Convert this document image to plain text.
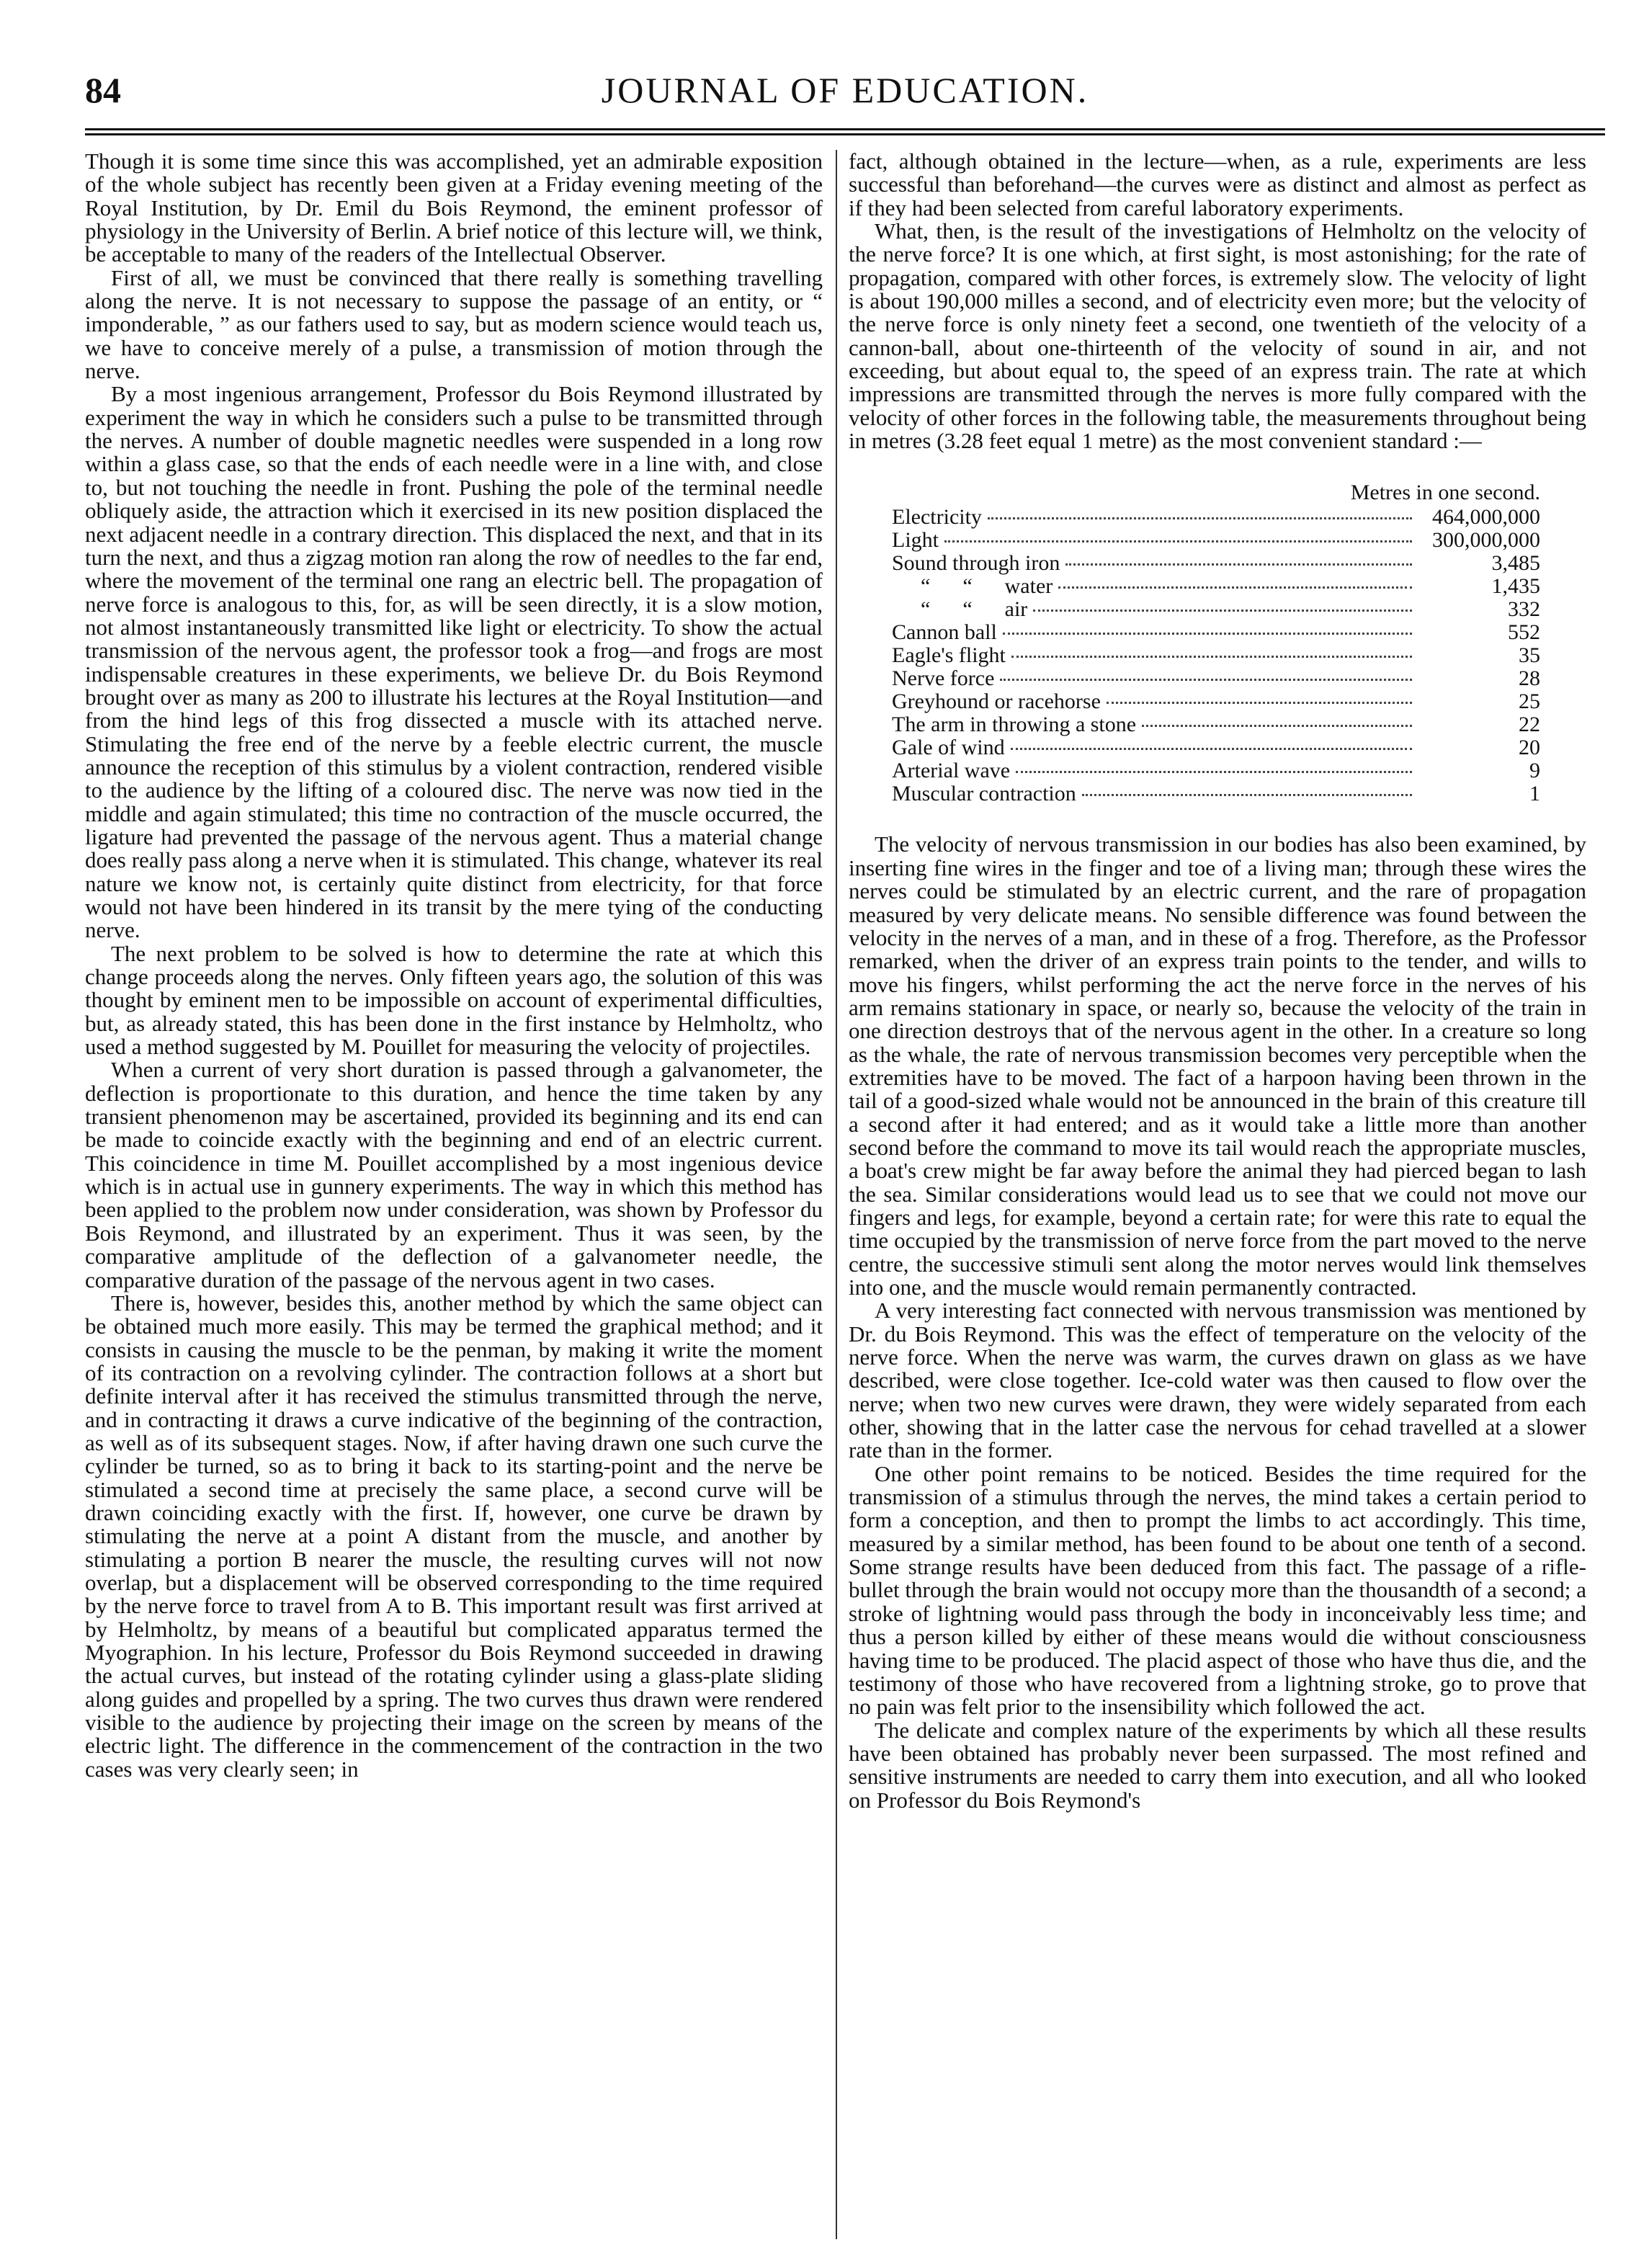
84	JOURNAL OF EDUCATION.

Though it is some time since this was accomplished, yet an admirable exposition of the whole subject has recently been given at a Friday evening meeting of the Royal Institution, by Dr. Emil du Bois Reymond, the eminent professor of physiology in the University of Berlin. A brief notice of this lecture will, we think, be acceptable to many of the readers of the Intellectual Observer.

First of all, we must be convinced that there really is something travelling along the nerve. It is not necessary to suppose the passage of an entity, or “ imponderable, ” as our fathers used to say, but as modern science would teach us, we have to conceive merely of a pulse, a transmission of motion through the nerve.

By a most ingenious arrangement, Professor du Bois Reymond illustrated by experiment the way in which he considers such a pulse to be transmitted through the nerves. A number of double magnetic needles were suspended in a long row within a glass case, so that the ends of each needle were in a line with, and close to, but not touching the needle in front. Pushing the pole of the terminal needle obliquely aside, the attraction which it exercised in its new position displaced the next adjacent needle in a contrary direction. This displaced the next, and that in its turn the next, and thus a zigzag motion ran along the row of needles to the far end, where the movement of the terminal one rang an electric bell. The propagation of nerve force is analogous to this, for, as will be seen directly, it is a slow motion, not almost instantaneously transmitted like light or electricity. To show the actual transmission of the nervous agent, the professor took a frog—and frogs are most indispensable creatures in these experiments, we believe Dr. du Bois Reymond brought over as many as 200 to illustrate his lectures at the Royal Institution—and from the hind legs of this frog dissected a muscle with its attached nerve. Stimulating the free end of the nerve by a feeble electric current, the muscle announce the reception of this stimulus by a violent contraction, rendered visible to the audience by the lifting of a coloured disc. The nerve was now tied in the middle and again stimulated; this time no contraction of the muscle occurred, the ligature had prevented the passage of the nervous agent. Thus a material change does really pass along a nerve when it is stimulated. This change, whatever its real nature we know not, is certainly quite distinct from electricity, for that force would not have been hindered in its transit by the mere tying of the conducting nerve.

The next problem to be solved is how to determine the rate at which this change proceeds along the nerves. Only fifteen years ago, the solution of this was thought by eminent men to be impossible on account of experimental difficulties, but, as already stated, this has been done in the first instance by Helmholtz, who used a method suggested by M. Pouillet for measuring the velocity of projectiles.

When a current of very short duration is passed through a galvanometer, the deflection is proportionate to this duration, and hence the time taken by any transient phenomenon may be ascertained, provided its beginning and its end can be made to coincide exactly with the beginning and end of an electric current. This coincidence in time M. Pouillet accomplished by a most ingenious device which is in actual use in gunnery experiments. The way in which this method has been applied to the problem now under consideration, was shown by Professor du Bois Reymond, and illustrated by an experiment. Thus it was seen, by the comparative amplitude of the deflection of a galvanometer needle, the comparative duration of the passage of the nervous agent in two cases.

There is, however, besides this, another method by which the same object can be obtained much more easily. This may be termed the graphical method; and it consists in causing the muscle to be the penman, by making it write the moment of its contraction on a revolving cylinder. The contraction follows at a short but definite interval after it has received the stimulus transmitted through the nerve, and in contracting it draws a curve indicative of the beginning of the contraction, as well as of its subsequent stages. Now, if after having drawn one such curve the cylinder be turned, so as to bring it back to its starting-point and the nerve be stimulated a second time at precisely the same place, a second curve will be drawn coinciding exactly with the first. If, however, one curve be drawn by stimulating the nerve at a point A distant from the muscle, and another by stimulating a portion B nearer the muscle, the resulting curves will not now overlap, but a displacement will be observed corresponding to the time required by the nerve force to travel from A to B. This important result was first arrived at by Helmholtz, by means of a beautiful but complicated apparatus termed the Myographion. In his lecture, Professor du Bois Reymond succeeded in drawing the actual curves, but instead of the rotating cylinder using a glass-plate sliding along guides and propelled by a spring. The two curves thus drawn were rendered visible to the audience by projecting their image on the screen by means of the electric light. The difference in the commencement of the contraction in the two cases was very clearly seen; in

fact, although obtained in the lecture—when, as a rule, experiments are less successful than beforehand—the curves were as distinct and almost as perfect as if they had been selected from careful laboratory experiments.

What, then, is the result of the investigations of Helmholtz on the velocity of the nerve force? It is one which, at first sight, is most astonishing; for the rate of propagation, compared with other forces, is extremely slow. The velocity of light is about 190,000 milles a second, and of electricity even more; but the velocity of the nerve force is only ninety feet a second, one twentieth of the velocity of a cannon-ball, about one-thirteenth of the velocity of sound in air, and not exceeding, but about equal to, the speed of an express train. The rate at which impressions are transmitted through the nerves is more fully compared with the velocity of other forces in the following table, the measurements throughout being in metres (3.28 feet equal 1 metre) as the most convenient standard :—

Metres in one second.
Electricity	464,000,000
Light	300,000,000
Sound through iron	3,485
“      “      water	1,435
“      “      air	332
Cannon ball	552
Eagle's flight	35
Nerve force	28
Greyhound or racehorse	25
The arm in throwing a stone	22
Gale of wind	20
Arterial wave	9
Muscular contraction	1

The velocity of nervous transmission in our bodies has also been examined, by inserting fine wires in the finger and toe of a living man; through these wires the nerves could be stimulated by an electric current, and the rare of propagation measured by very delicate means. No sensible difference was found between the velocity in the nerves of a man, and in these of a frog. Therefore, as the Professor remarked, when the driver of an express train points to the tender, and wills to move his fingers, whilst performing the act the nerve force in the nerves of his arm remains stationary in space, or nearly so, because the velocity of the train in one direction destroys that of the nervous agent in the other. In a creature so long as the whale, the rate of nervous transmission becomes very perceptible when the extremities have to be moved. The fact of a harpoon having been thrown in the tail of a good-sized whale would not be announced in the brain of this creature till a second after it had entered; and as it would take a little more than another second before the command to move its tail would reach the appropriate muscles, a boat's crew might be far away before the animal they had pierced began to lash the sea. Similar considerations would lead us to see that we could not move our fingers and legs, for example, beyond a certain rate; for were this rate to equal the time occupied by the transmission of nerve force from the part moved to the nerve centre, the successive stimuli sent along the motor nerves would link themselves into one, and the muscle would remain permanently contracted.

A very interesting fact connected with nervous transmission was mentioned by Dr. du Bois Reymond. This was the effect of temperature on the velocity of the nerve force. When the nerve was warm, the curves drawn on glass as we have described, were close together. Ice-cold water was then caused to flow over the nerve; when two new curves were drawn, they were widely separated from each other, showing that in the latter case the nervous for cehad travelled at a slower rate than in the former.

One other point remains to be noticed. Besides the time required for the transmission of a stimulus through the nerves, the mind takes a certain period to form a conception, and then to prompt the limbs to act accordingly. This time, measured by a similar method, has been found to be about one tenth of a second. Some strange results have been deduced from this fact. The passage of a rifle-bullet through the brain would not occupy more than the thousandth of a second; a stroke of lightning would pass through the body in inconceivably less time; and thus a person killed by either of these means would die without consciousness having time to be produced. The placid aspect of those who have thus die, and the testimony of those who have recovered from a lightning stroke, go to prove that no pain was felt prior to the insensibility which followed the act.

The delicate and complex nature of the experiments by which all these results have been obtained has probably never been surpassed. The most refined and sensitive instruments are needed to carry them into execution, and all who looked on Professor du Bois Reymond's
